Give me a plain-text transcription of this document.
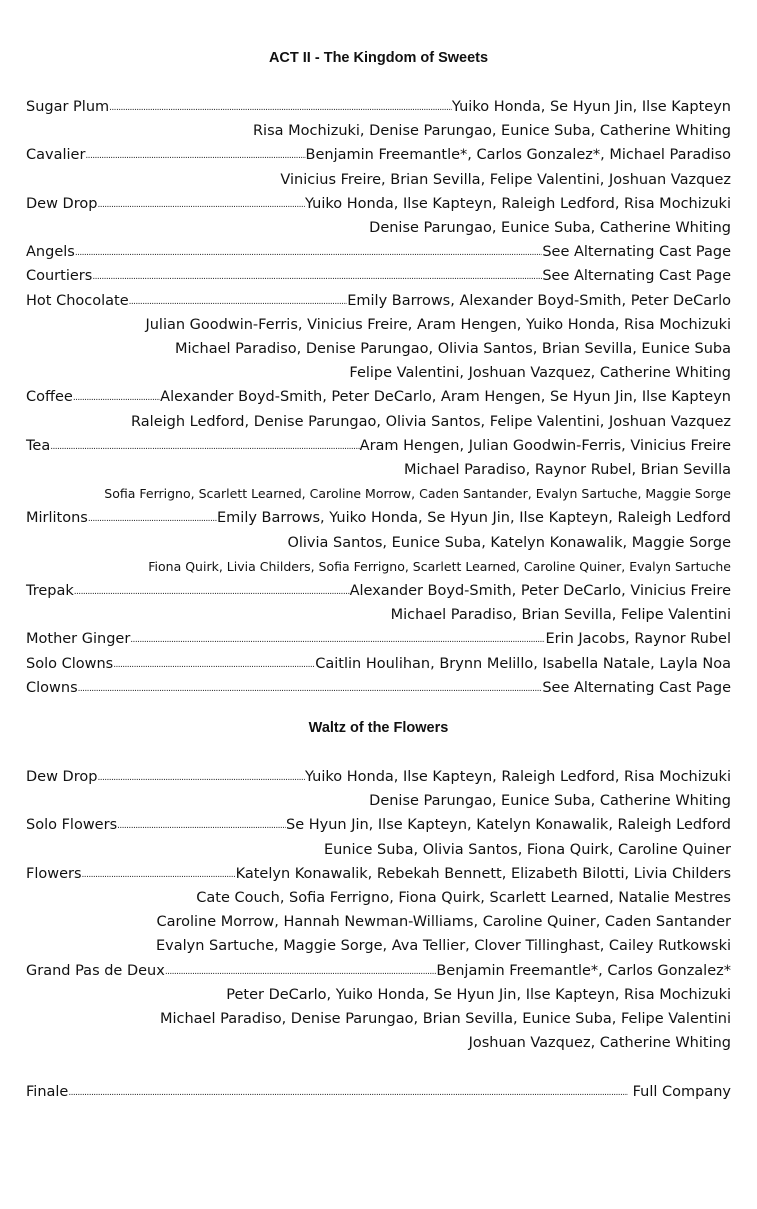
ACT II - The Kingdom of Sweets
Sugar Plum .....	Yuiko Honda, Se Hyun Jin, Ilse Kapteyn
Risa Mochizuki, Denise Parungao, Eunice Suba, Catherine Whiting
Cavalier .....	Benjamin Freemantle*, Carlos Gonzalez*, Michael Paradiso
Vinicius Freire, Brian Sevilla, Felipe Valentini, Joshuan Vazquez
Dew Drop .....	Yuiko Honda, Ilse Kapteyn, Raleigh Ledford, Risa Mochizuki
Denise Parungao, Eunice Suba, Catherine Whiting
Angels .....	See Alternating Cast Page
Courtiers .....	See Alternating Cast Page
Hot Chocolate .....	Emily Barrows, Alexander Boyd-Smith, Peter DeCarlo
Julian Goodwin-Ferris, Vinicius Freire, Aram Hengen, Yuiko Honda, Risa Mochizuki
Michael Paradiso, Denise Parungao, Olivia Santos, Brian Sevilla, Eunice Suba
Felipe Valentini, Joshuan Vazquez, Catherine Whiting
Coffee .....	Alexander Boyd-Smith, Peter DeCarlo, Aram Hengen, Se Hyun Jin, Ilse Kapteyn
Raleigh Ledford, Denise Parungao, Olivia Santos, Felipe Valentini, Joshuan Vazquez
Tea .....	Aram Hengen, Julian Goodwin-Ferris, Vinicius Freire
Michael Paradiso, Raynor Rubel, Brian Sevilla
Sofia Ferrigno, Scarlett Learned, Caroline Morrow, Caden Santander, Evalyn Sartuche, Maggie Sorge
Mirlitons .....	Emily Barrows, Yuiko Honda, Se Hyun Jin, Ilse Kapteyn, Raleigh Ledford
Olivia Santos, Eunice Suba, Katelyn Konawalik, Maggie Sorge
Fiona Quirk, Livia Childers, Sofia Ferrigno, Scarlett Learned, Caroline Quiner, Evalyn Sartuche
Trepak .....	Alexander Boyd-Smith, Peter DeCarlo, Vinicius Freire
Michael Paradiso, Brian Sevilla, Felipe Valentini
Mother Ginger .....	Erin Jacobs, Raynor Rubel
Solo Clowns .....	Caitlin Houlihan, Brynn Melillo, Isabella Natale, Layla Noa
Clowns .....	See Alternating Cast Page
Waltz of the Flowers
Dew Drop .....	Yuiko Honda, Ilse Kapteyn, Raleigh Ledford, Risa Mochizuki
Denise Parungao, Eunice Suba, Catherine Whiting
Solo Flowers .....	Se Hyun Jin, Ilse Kapteyn, Katelyn Konawalik, Raleigh Ledford
Eunice Suba, Olivia Santos, Fiona Quirk, Caroline Quiner
Flowers .....	Katelyn Konawalik, Rebekah Bennett, Elizabeth Bilotti, Livia Childers
Cate Couch, Sofia Ferrigno, Fiona Quirk, Scarlett Learned, Natalie Mestres
Caroline Morrow, Hannah Newman-Williams, Caroline Quiner, Caden Santander
Evalyn Sartuche, Maggie Sorge, Ava Tellier, Clover Tillinghast, Cailey Rutkowski
Grand Pas de Deux .....	Benjamin Freemantle*, Carlos Gonzalez*
Peter DeCarlo, Yuiko Honda, Se Hyun Jin, Ilse Kapteyn, Risa Mochizuki
Michael Paradiso, Denise Parungao, Brian Sevilla, Eunice Suba, Felipe Valentini
Joshuan Vazquez, Catherine Whiting
Finale .....	Full Company
